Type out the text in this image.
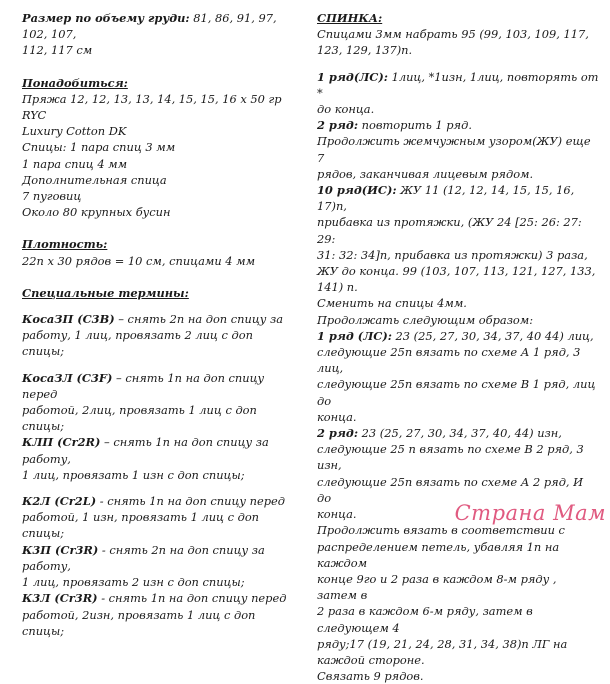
Размер по объему груди: 81, 86, 91, 97, 102, 107,

112, 117 см

Понадобиться:

Пряжа 12, 12, 13, 13, 14, 15, 15, 16 х 50 гр RYC

Luxury Cotton DK

Спицы: 1 пара спиц 3 мм

1 пара спиц 4 мм

Дополнительная спица

7 пуговиц

Около 80 крупных бусин

Плотность:

22п х 30 рядов = 10 см, спицами 4 мм

Специальные термины:

КосаЗП (С3В) – снять 2п на доп спицу за

работу, 1 лиц, провязать 2 лиц с доп спицы;

КосаЗЛ (С3F) – снять 1п на доп спицу перед

работой, 2лиц, провязать 1 лиц с доп спицы;

КЛП (Cr2R) – снять 1п на доп спицу за работу,

1 лиц, провязать 1 изн с доп спицы;

К2Л (Cr2L) - снять 1п на доп спицу перед

работой, 1 изн, провязать 1 лиц с доп спицы;

К3П (Cr3R) - снять 2п на доп спицу за работу,

1 лиц, провязать 2 изн с доп спицы;

К3Л (Cr3R) - снять 1п на доп спицу перед

работой, 2изн, провязать 1 лиц с доп спицы;

СПИНКА:

Спицами 3мм набрать 95 (99, 103, 109, 117,

123, 129, 137)п.

1 ряд(ЛС): 1лиц, *1изн, 1лиц, повторять от *

до конца.

2 ряд: повторить 1 ряд.

Продолжить жемчужным узором(ЖУ) еще 7

рядов, заканчивая лицевым рядом.

10 ряд(ИС): ЖУ 11 (12, 12, 14, 15, 15, 16, 17)п,

прибавка из протяжки, (ЖУ 24 [25: 26: 27: 29:

31: 32: 34]п, прибавка из протяжки) 3 раза,

ЖУ до конца. 99 (103, 107, 113, 121, 127, 133,

141) п.

Сменить на спицы 4мм.

Продолжать следующим образом:

1 ряд (ЛС): 23 (25, 27, 30, 34, 37, 40 44) лиц,

следующие 25п вязать по схеме А 1 ряд, 3 лиц,

следующие 25п вязать по схеме В 1 ряд, лиц до

конца.

2 ряд: 23 (25, 27, 30, 34, 37, 40, 44) изн,

следующие 25 п вязать по схеме В 2 ряд, 3 изн,

следующие 25п вязать по схеме А 2 ряд, И до

конца.

Продолжить вязать в соответствии с

распределением петель, убавляя 1п на каждом

конце 9го и 2 раза в каждом 8-м ряду , затем в

2 раза в каждом 6-м ряду, затем в следующем 4

ряду;17 (19, 21, 24, 28, 31, 34, 38)п ЛГ на

каждой стороне.

Связать 9 рядов.

Страна Мам
